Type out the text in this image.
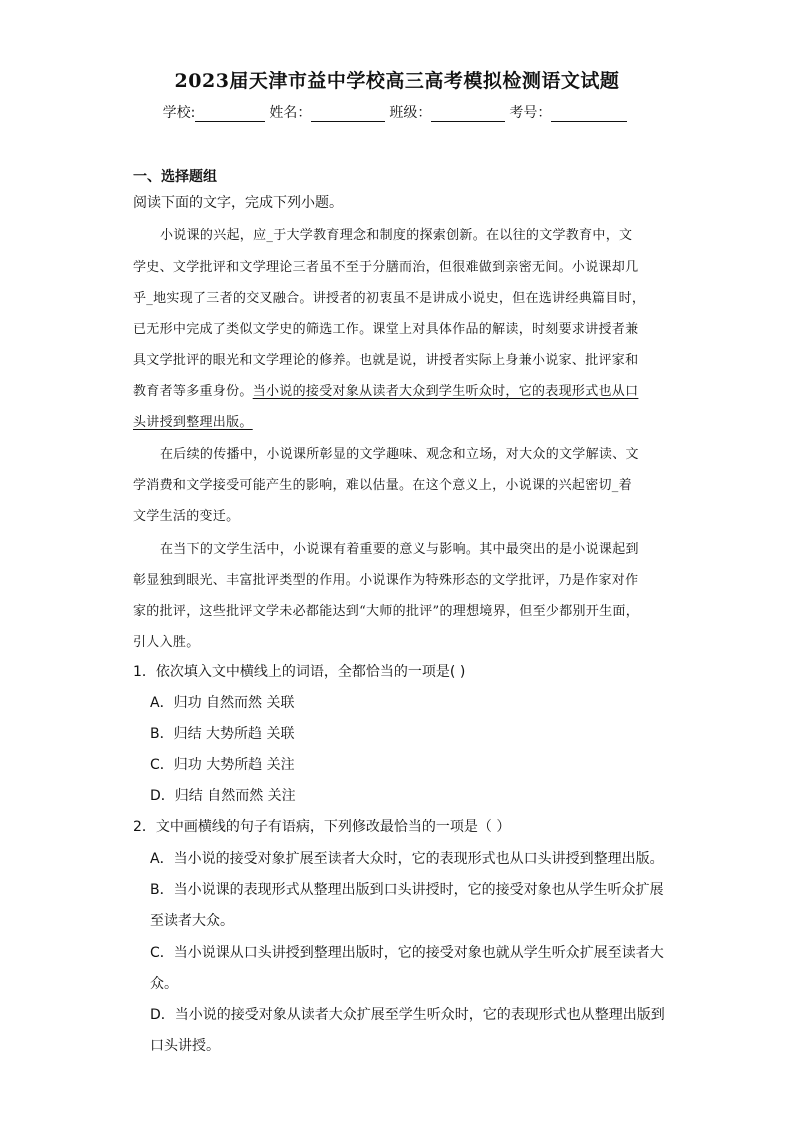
2023届天津市益中学校高三高考模拟检测语文试题
学校:	姓名：	班级：	考号：
一、选择题组
阅读下面的文字，完成下列小题。
小说课的兴起，应_于大学教育理念和制度的探索创新。在以往的文学教育中，文
学史、文学批评和文学理论三者虽不至于分膳而治，但很难做到亲密无间。小说课却几
乎_地实现了三者的交叉融合。讲授者的初衷虽不是讲成小说史，但在选讲经典篇目时，
已无形中完成了类似文学史的筛选工作。课堂上对具体作品的解读，时刻要求讲授者兼
具文学批评的眼光和文学理论的修养。也就是说，讲授者实际上身兼小说家、批评家和
教育者等多重身份。当小说的接受对象从读者大众到学生听众时，它的表现形式也从口
头讲授到整理出版。
在后续的传播中，小说课所彰显的文学趣味、观念和立场，对大众的文学解读、文
学消费和文学接受可能产生的影响，难以估量。在这个意义上，小说课的兴起密切_着
文学生活的变迁。
在当下的文学生活中，小说课有着重要的意义与影响。其中最突出的是小说课起到
彰显独到眼光、丰富批评类型的作用。小说课作为特殊形态的文学批评，乃是作家对作
家的批评，这些批评文学未必都能达到“大师的批评”的理想境界，但至少都别开生面，
引人入胜。
1．依次填入文中横线上的词语，全都恰当的一项是( )
A．归功 自然而然 关联
B．归结 大势所趋 关联
C．归功 大势所趋 关注
D．归结 自然而然 关注
2．文中画横线的句子有语病，下列修改最恰当的一项是（ ）
A．当小说的接受对象扩展至读者大众时，它的表现形式也从口头讲授到整理出版。
B．当小说课的表现形式从整理出版到口头讲授时，它的接受对象也从学生听众扩展
至读者大众。
C．当小说课从口头讲授到整理出版时，它的接受对象也就从学生听众扩展至读者大
众。
D．当小说的接受对象从读者大众扩展至学生听众时，它的表现形式也从整理出版到
口头讲授。
